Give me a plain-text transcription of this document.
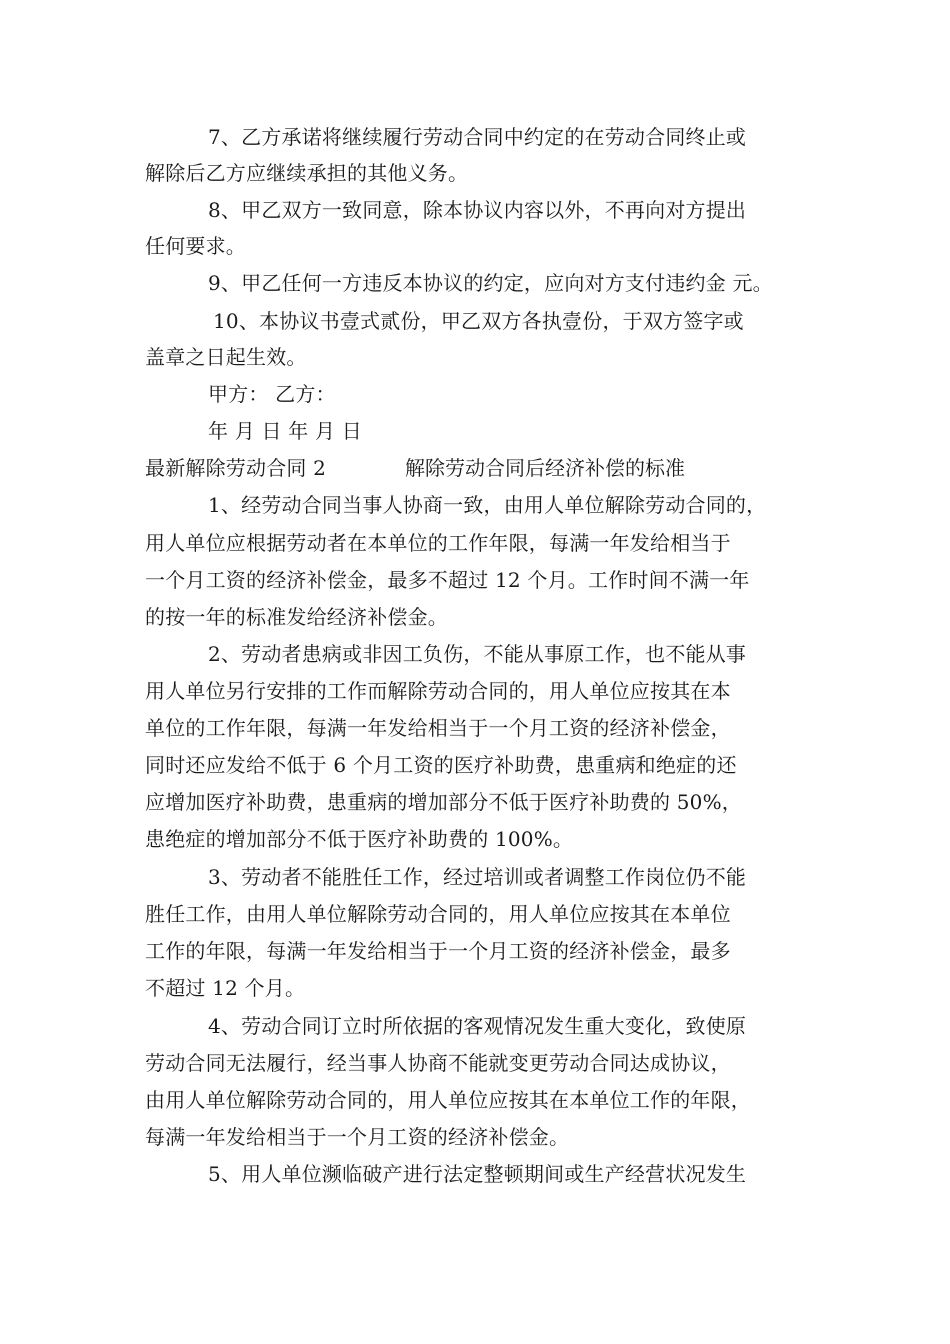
7、乙方承诺将继续履行劳动合同中约定的在劳动合同终止或
解除后乙方应继续承担的其他义务。
8、甲乙双方一致同意，除本协议内容以外，不再向对方提出
任何要求。
9、甲乙任何一方违反本协议的约定，应向对方支付违约金 元。
10、本协议书壹式贰份，甲乙双方各执壹份，于双方签字或
盖章之日起生效。
甲方： 乙方：
年 月 日 年 月 日
最新解除劳动合同 2	解除劳动合同后经济补偿的标准
1、经劳动合同当事人协商一致，由用人单位解除劳动合同的，
用人单位应根据劳动者在本单位的工作年限，每满一年发给相当于
一个月工资的经济补偿金，最多不超过 12 个月。工作时间不满一年
的按一年的标准发给经济补偿金。
2、劳动者患病或非因工负伤，不能从事原工作，也不能从事
用人单位另行安排的工作而解除劳动合同的，用人单位应按其在本
单位的工作年限，每满一年发给相当于一个月工资的经济补偿金，
同时还应发给不低于 6 个月工资的医疗补助费，患重病和绝症的还
应增加医疗补助费，患重病的增加部分不低于医疗补助费的 50%，
患绝症的增加部分不低于医疗补助费的 100%。
3、劳动者不能胜任工作，经过培训或者调整工作岗位仍不能
胜任工作，由用人单位解除劳动合同的，用人单位应按其在本单位
工作的年限，每满一年发给相当于一个月工资的经济补偿金，最多
不超过 12 个月。
4、劳动合同订立时所依据的客观情况发生重大变化，致使原
劳动合同无法履行，经当事人协商不能就变更劳动合同达成协议，
由用人单位解除劳动合同的，用人单位应按其在本单位工作的年限，
每满一年发给相当于一个月工资的经济补偿金。
5、用人单位濒临破产进行法定整顿期间或生产经营状况发生
